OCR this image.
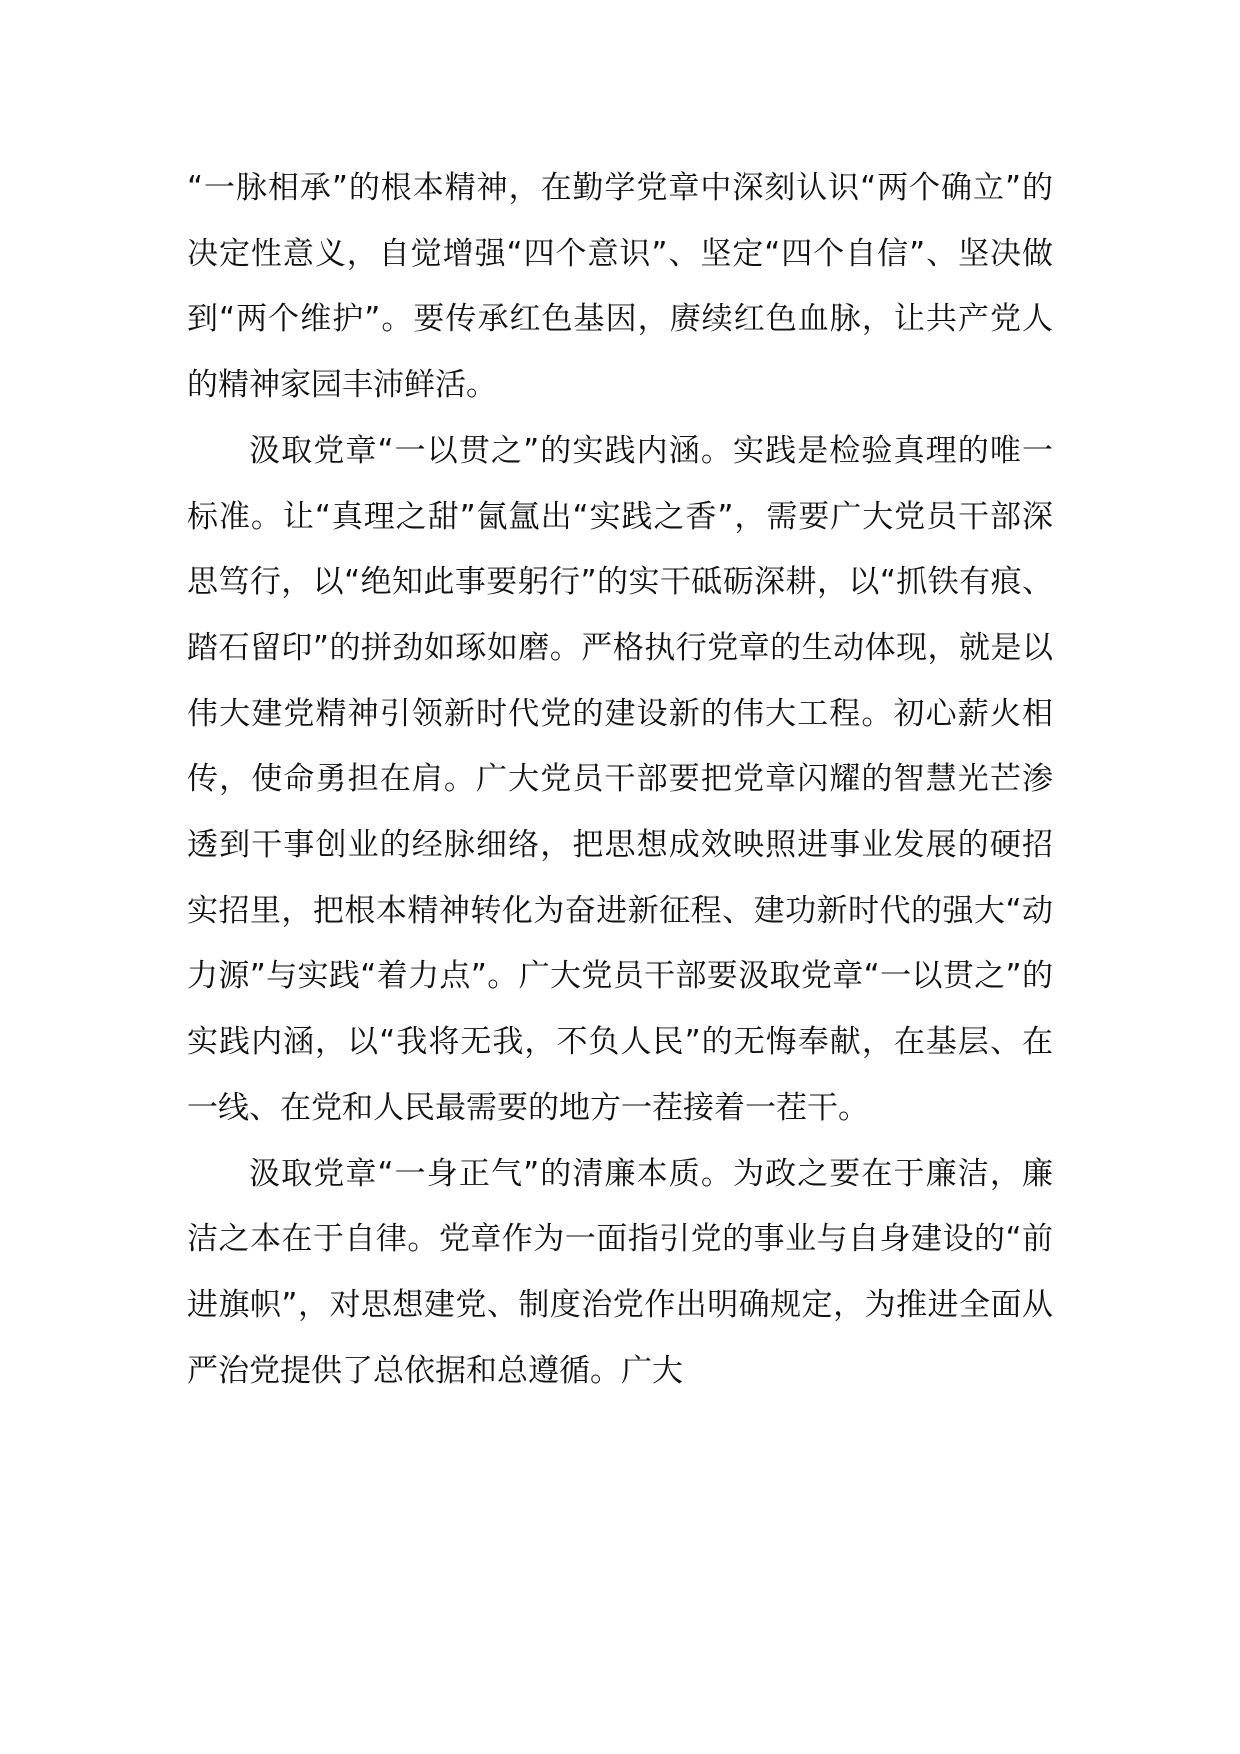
“一脉相承”的根本精神，在勤学党章中深刻认识“两个确立”的决定性意义，自觉增强“四个意识”、坚定“四个自信”、坚决做到“两个维护”。要传承红色基因，赓续红色血脉，让共产党人的精神家园丰沛鲜活。

汲取党章“一以贯之”的实践内涵。实践是检验真理的唯一标准。让“真理之甜”氤氲出“实践之香”，需要广大党员干部深思笃行，以“绝知此事要躬行”的实干砥砺深耕，以“抓铁有痕、踏石留印”的拼劲如琢如磨。严格执行党章的生动体现，就是以伟大建党精神引领新时代党的建设新的伟大工程。初心薪火相传，使命勇担在肩。广大党员干部要把党章闪耀的智慧光芒渗透到干事创业的经脉细络，把思想成效映照进事业发展的硬招实招里，把根本精神转化为奋进新征程、建功新时代的强大“动力源”与实践“着力点”。广大党员干部要汲取党章“一以贯之”的实践内涵，以“我将无我，不负人民”的无悔奉献，在基层、在一线、在党和人民最需要的地方一茬接着一茬干。

汲取党章“一身正气”的清廉本质。为政之要在于廉洁，廉洁之本在于自律。党章作为一面指引党的事业与自身建设的“前进旗帜”，对思想建党、制度治党作出明确规定，为推进全面从严治党提供了总依据和总遵循。广大
